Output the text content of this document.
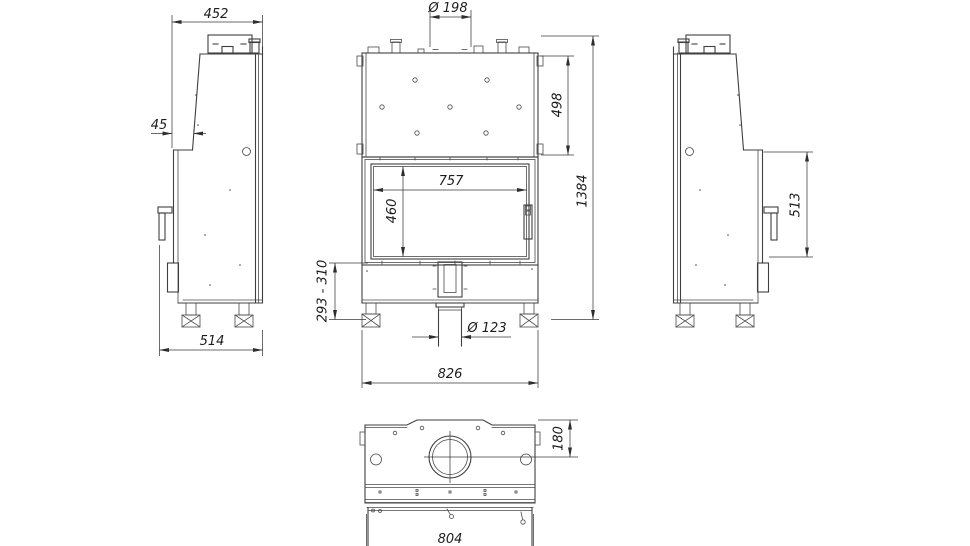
452
45
514
Ø 198
757
460
Ø 123
293 - 310
826
498
1384	513
180
804
